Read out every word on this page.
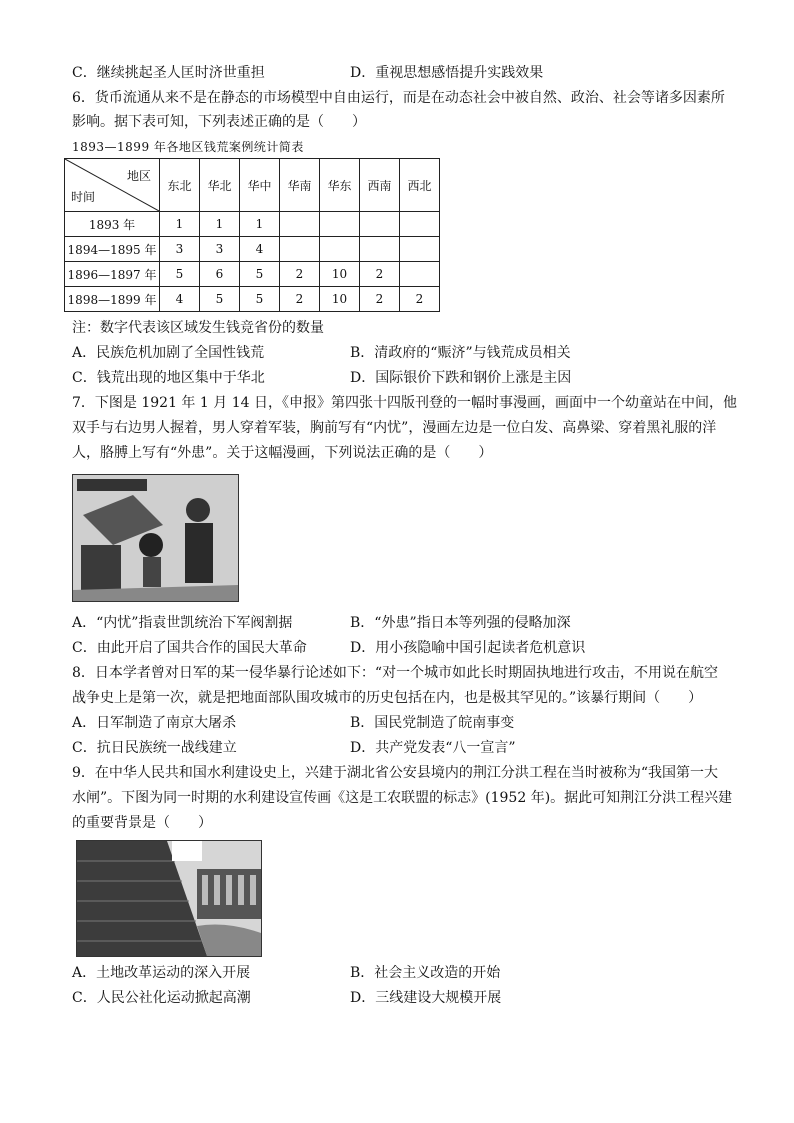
C．继续挑起圣人匡时济世重担	D．重视思想感悟提升实践效果
6．货币流通从来不是在静态的市场模型中自由运行，而是在动态社会中被自然、政治、社会等诸多因素所
影响。据下表可知，下列表述正确的是（　　）
1893—1899 年各地区钱荒案例统计简表
地区
时间	东北	华北	华中	华南	华东	西南	西北
1893 年	1	1	1				
1894—1895 年	3	3	4				
1896—1897 年	5	6	5	2	10	2	
1898—1899 年	4	5	5	2	10	2	2
注：数字代表该区域发生钱竞省份的数量
A．民族危机加剧了全国性钱荒	B．清政府的“赈济”与钱荒成员相关
C．钱荒出现的地区集中于华北	D．国际银价下跌和钢价上涨是主因
7．下图是 1921 年 1 月 14 日，《申报》第四张十四版刊登的一幅时事漫画，画面中一个幼童站在中间，他
双手与右边男人握着，男人穿着军装，胸前写有“内忧”，漫画左边是一位白发、高鼻梁、穿着黑礼服的洋
人，胳膊上写有“外患”。关于这幅漫画，下列说法正确的是（　　）
A．“内忧”指袁世凯统治下军阀割据	B．“外患”指日本等列强的侵略加深
C．由此开启了国共合作的国民大革命	D．用小孩隐喻中国引起读者危机意识
8．日本学者曾对日军的某一侵华暴行论述如下：“对一个城市如此长时期固执地进行攻击，不用说在航空
战争史上是第一次，就是把地面部队围攻城市的历史包括在内，也是极其罕见的。”该暴行期间（　　）
A．日军制造了南京大屠杀	B．国民党制造了皖南事变
C．抗日民族统一战线建立	D．共产党发表“八一宣言”
9．在中华人民共和国水利建设史上，兴建于湖北省公安县境内的荆江分洪工程在当时被称为“我国第一大
水闸”。下图为同一时期的水利建设宣传画《这是工农联盟的标志》(1952 年)。据此可知荆江分洪工程兴建
的重要背景是（　　）
A．土地改革运动的深入开展	B．社会主义改造的开始
C．人民公社化运动掀起高潮	D．三线建设大规模开展
